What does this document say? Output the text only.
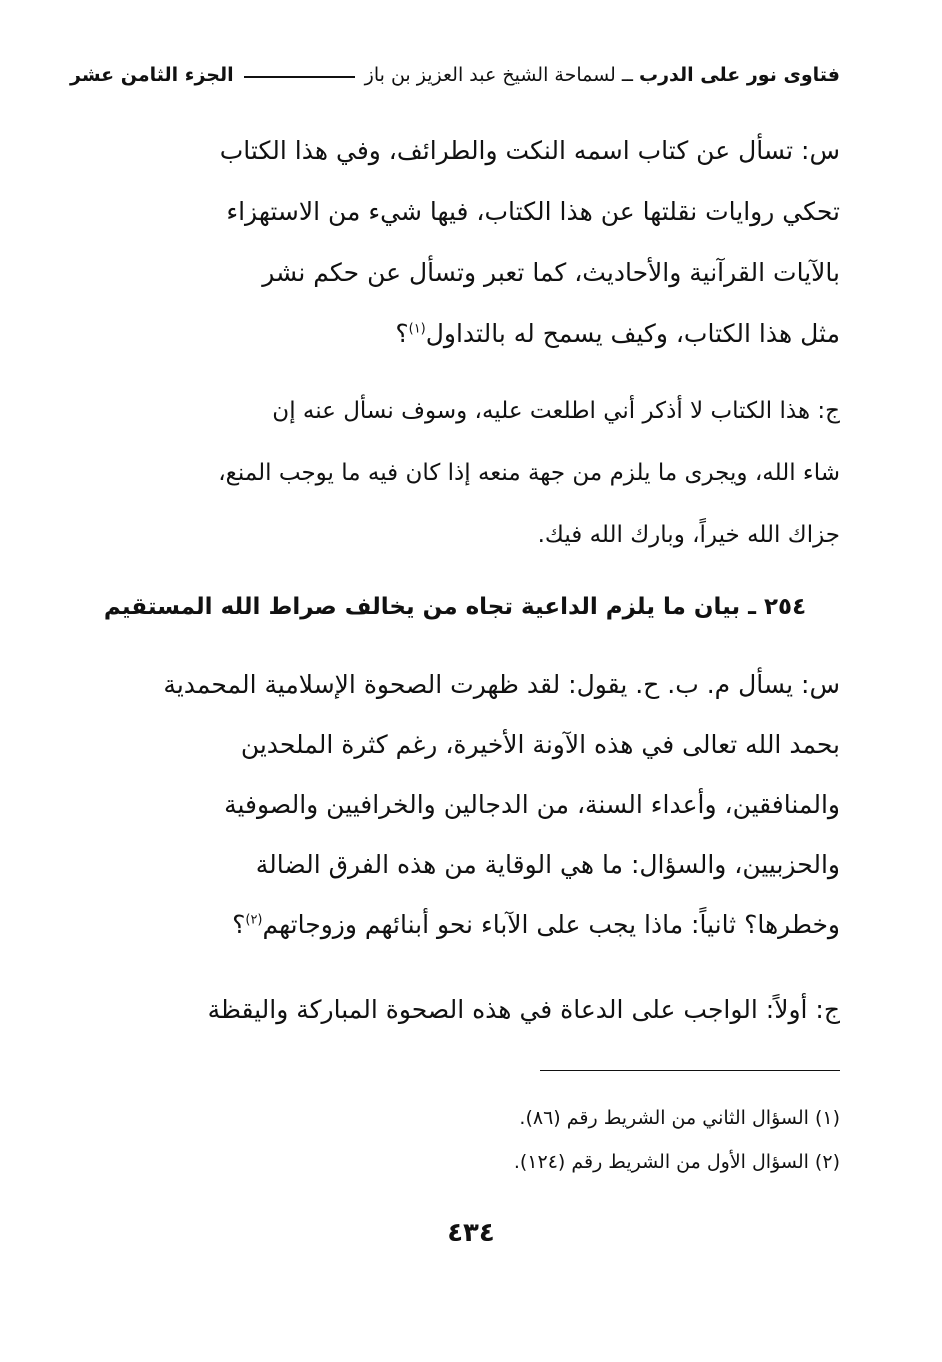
فتاوى نور على الدرب
ــ
لسماحة الشيخ عبد العزيز بن باز
الجزء الثامن عشر
س: تسأل عن كتاب اسمه النكت والطرائف، وفي هذا الكتاب
تحكي روايات نقلتها عن هذا الكتاب، فيها شيء من الاستهزاء
بالآيات القرآنية والأحاديث، كما تعبر وتسأل عن حكم نشر
مثل هذا الكتاب، وكيف يسمح له بالتداول$^{(١)}$؟
ج: هذا الكتاب لا أذكر أني اطلعت عليه، وسوف نسأل عنه إن
شاء الله، ويجرى ما يلزم من جهة منعه إذا كان فيه ما يوجب المنع،
جزاك الله خيراً، وبارك الله فيك.
٢٥٤ ـ بيان ما يلزم الداعية تجاه من يخالف صراط الله المستقيم
س: يسأل م. ب. ح. يقول: لقد ظهرت الصحوة الإسلامية المحمدية
بحمد الله تعالى في هذه الآونة الأخيرة، رغم كثرة الملحدين
والمنافقين، وأعداء السنة، من الدجالين والخرافيين والصوفية
والحزبيين، والسؤال: ما هي الوقاية من هذه الفرق الضالة
وخطرها؟ ثانياً: ماذا يجب على الآباء نحو أبنائهم وزوجاتهم$^{(٢)}$؟
ج: أولاً: الواجب على الدعاة في هذه الصحوة المباركة واليقظة
(١) السؤال الثاني من الشريط رقم (٨٦).
(٢) السؤال الأول من الشريط رقم (١٢٤).
٤٣٤
